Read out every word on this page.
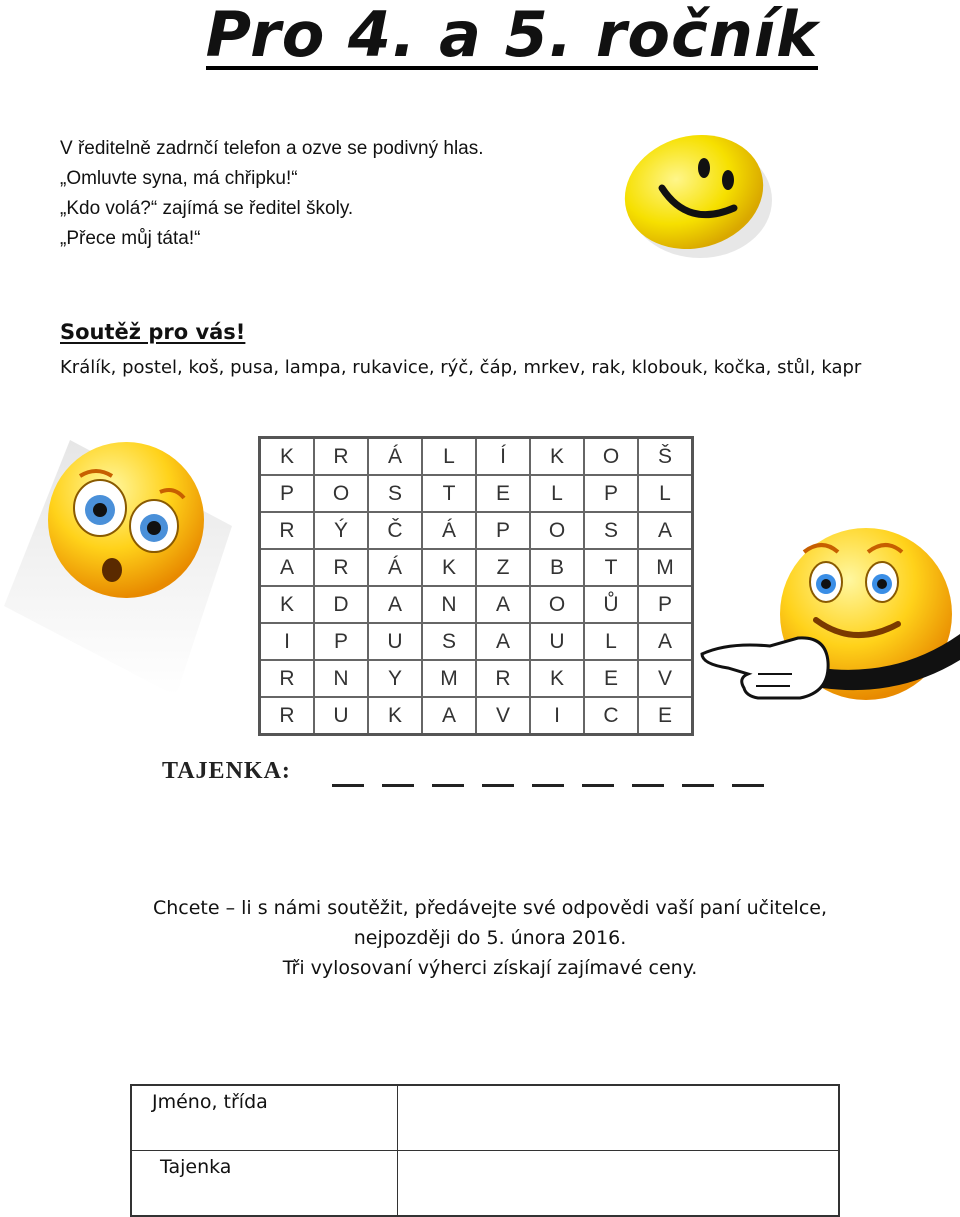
Pro 4. a 5. ročník
V ředitelně zadrnčí telefon a ozve se podivný hlas.
„Omluvte syna, má chřipku!“
„Kdo volá?“ zajímá se ředitel školy.
„Přece můj táta!“
Soutěž pro vás!
Králík, postel, koš, pusa, lampa, rukavice, rýč, čáp, mrkev, rak, klobouk, kočka, stůl, kapr
K	R	Á	L	Í	K	O	Š
P	O	S	T	E	L	P	L
R	Ý	Č	Á	P	O	S	A
A	R	Á	K	Z	B	T	M
K	D	A	N	A	O	Ů	P
I	P	U	S	A	U	L	A
R	N	Y	M	R	K	E	V
R	U	K	A	V	I	C	E
TAJENKA:
Chcete – li s námi soutěžit, předávejte své odpovědi vaší paní učitelce,
nejpozději do 5. února 2016.
Tři vylosovaní výherci získají zajímavé ceny.
Jméno, třída	
Tajenka	
